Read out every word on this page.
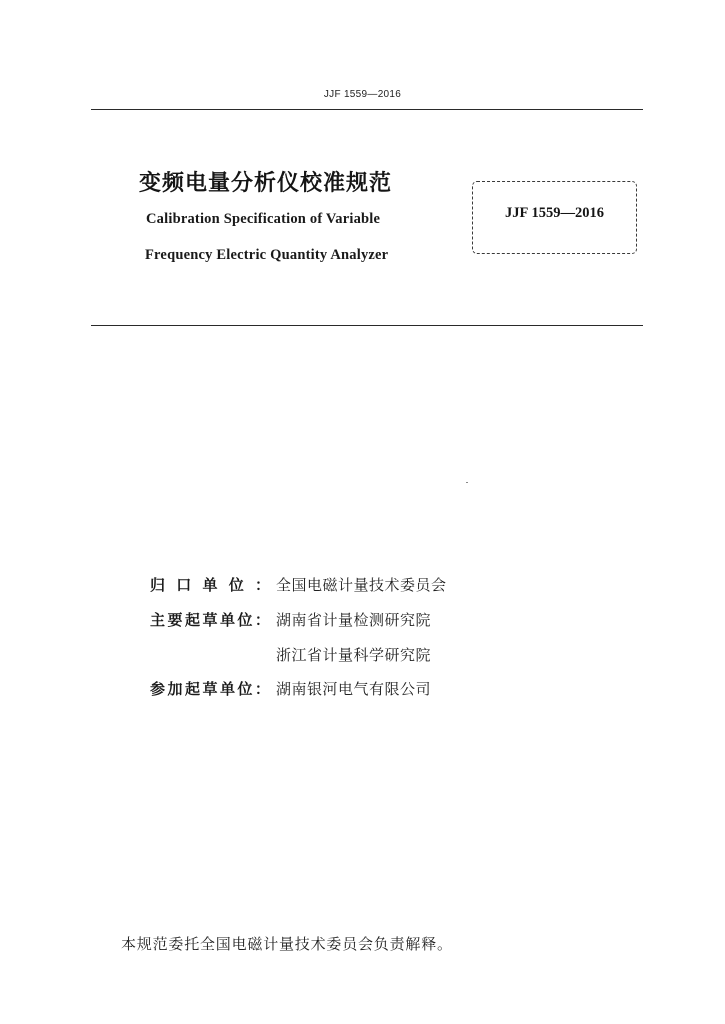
JJF 1559—2016
变频电量分析仪校准规范
Calibration Specification of Variable
Frequency Electric Quantity Analyzer
JJF 1559—2016
归 口 单 位 ： 全国电磁计量技术委员会
主 要 起 草 单 位 ： 湖南省计量检测研究院
浙江省计量科学研究院
参 加 起 草 单 位 ： 湖南银河电气有限公司
本规范委托全国电磁计量技术委员会负责解释。
